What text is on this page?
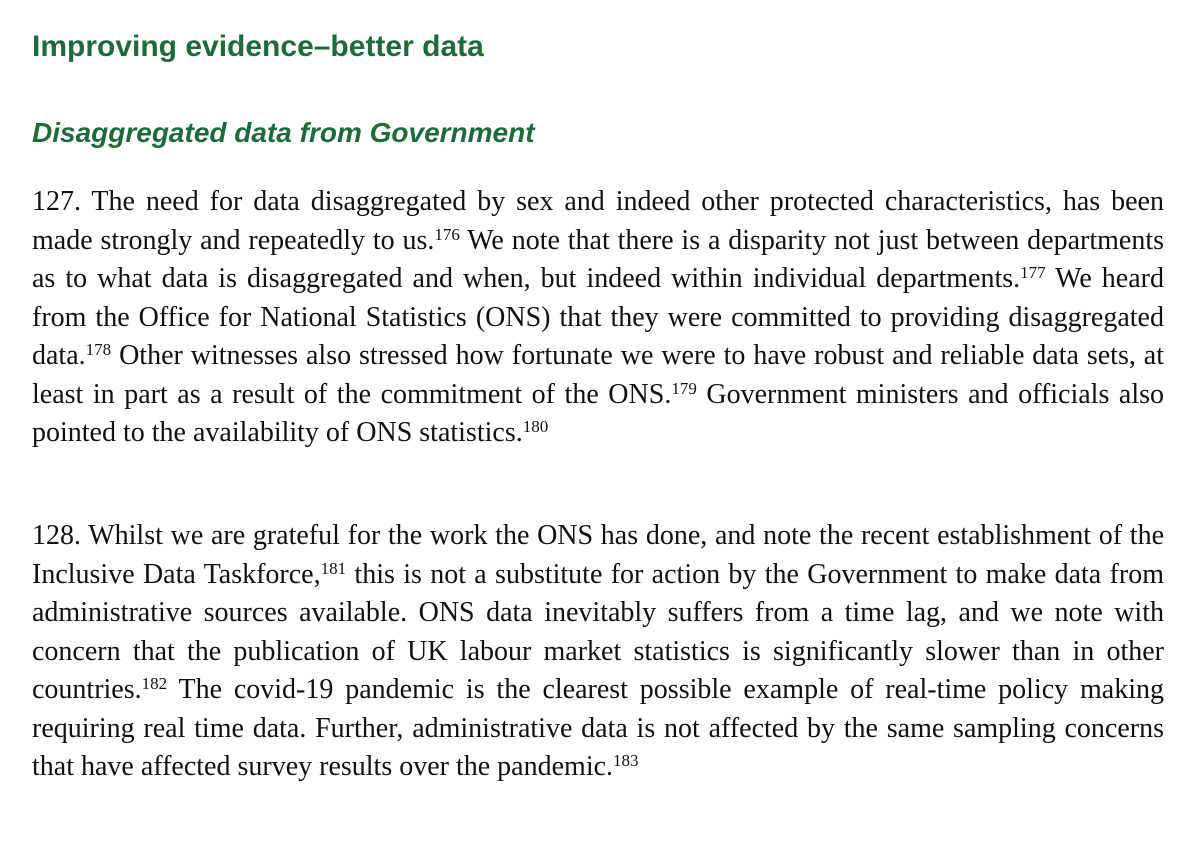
Improving evidence–better data
Disaggregated data from Government

127. The need for data disaggregated by sex and indeed other protected characteristics, has been made strongly and repeatedly to us.$^{176}$ We note that there is a disparity not just between departments as to what data is disaggregated and when, but indeed within individual departments.$^{177}$ We heard from the Office for National Statistics (ONS) that they were committed to providing disaggregated data.$^{178}$ Other witnesses also stressed how fortunate we were to have robust and reliable data sets, at least in part as a result of the commitment of the ONS.$^{179}$ Government ministers and officials also pointed to the availability of ONS statistics.$^{180}$

128. Whilst we are grateful for the work the ONS has done, and note the recent establishment of the Inclusive Data Taskforce,$^{181}$ this is not a substitute for action by the Government to make data from administrative sources available. ONS data inevitably suffers from a time lag, and we note with concern that the publication of UK labour market statistics is significantly slower than in other countries.$^{182}$ The covid-19 pandemic is the clearest possible example of real-time policy making requiring real time data. Further, administrative data is not affected by the same sampling concerns that have affected survey results over the pandemic.$^{183}$
